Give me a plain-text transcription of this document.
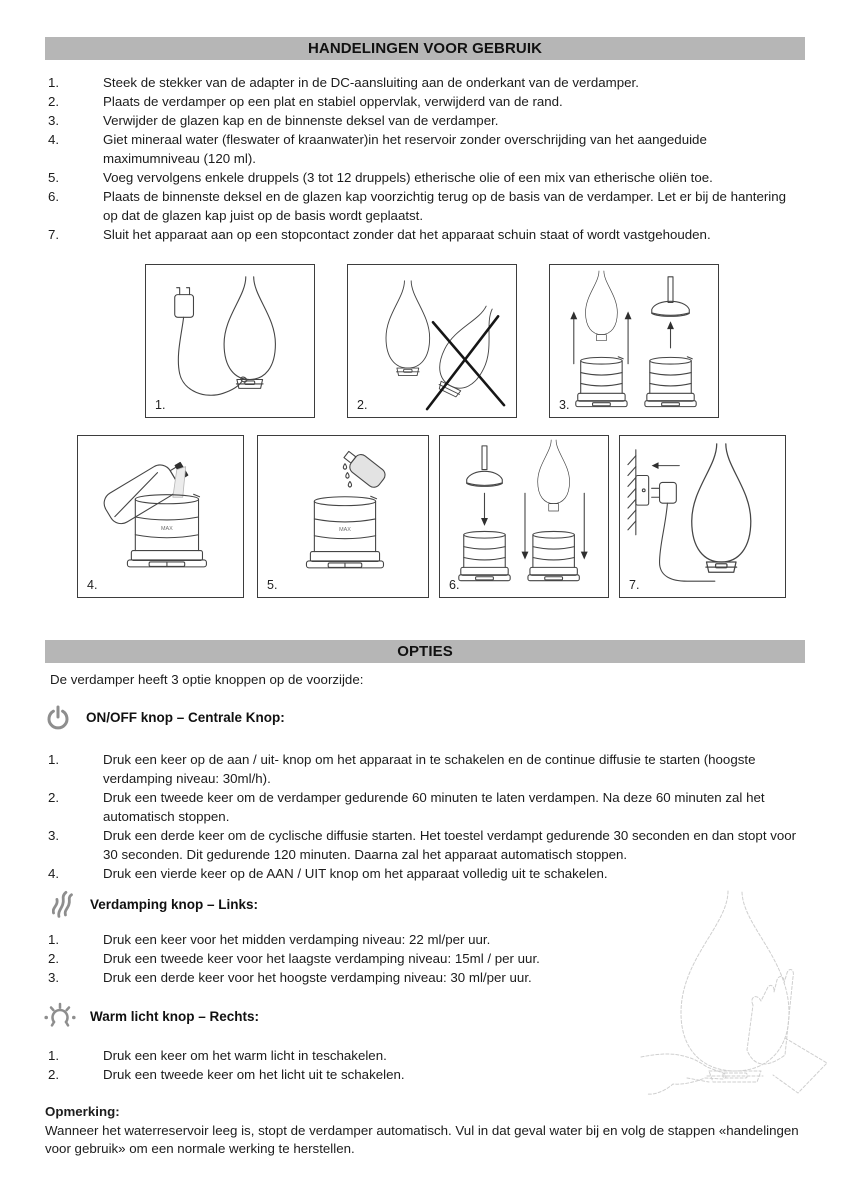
HANDELINGEN VOOR GEBRUIK
1.	Steek de stekker van de adapter in de DC-aansluiting aan de onderkant van de verdamper.
2.	Plaats de verdamper op een plat en stabiel oppervlak, verwijderd van de rand.
3.	Verwijder de glazen kap en de binnenste deksel van de verdamper.
4.	Giet mineraal water (fleswater of kraanwater)in het reservoir zonder overschrijding van het aangeduide maximumniveau (120 ml).
5.	Voeg vervolgens enkele druppels (3 tot 12 druppels) etherische olie of een mix van etherische oliën toe.
6.	Plaats de binnenste deksel en de glazen kap voorzichtig terug op de basis van de verdamper. Let er bij de hantering op dat de glazen kap juist op de basis wordt geplaatst.
7.	Sluit het apparaat aan op een stopcontact zonder dat het apparaat schuin staat of wordt vastgehouden.
1.	2.	3.
MAX
4.
MAX
5.	6.	7.
OPTIES
De verdamper heeft 3 optie knoppen op de voorzijde:
ON/OFF knop – Centrale Knop:
1.	Druk een keer op de aan / uit- knop om het apparaat in te schakelen en de continue diffusie te starten (hoogste verdamping niveau: 30ml/h).
2.	Druk een tweede keer om de verdamper gedurende 60 minuten te laten verdampen. Na deze 60 minuten zal het automatisch stoppen.
3.	Druk een derde keer om de cyclische diffusie starten. Het toestel verdampt gedurende 30 seconden en dan stopt voor 30 seconden. Dit gedurende 120 minuten. Daarna zal het apparaat automatisch stoppen.
4.	Druk een vierde keer op de AAN / UIT knop om het apparaat volledig uit te schakelen.
Verdamping knop – Links:
1.	Druk een keer voor het midden verdamping niveau: 22 ml/per uur.
2.	Druk een tweede keer voor het laagste verdamping niveau: 15ml / per uur.
3.	Druk een derde keer voor het hoogste verdamping niveau: 30 ml/per uur.
Warm licht knop – Rechts:
1.	Druk een keer om het warm licht in teschakelen.
2.	Druk een tweede keer om het licht uit te schakelen.
Opmerking:
Wanneer het waterreservoir leeg is, stopt de verdamper automatisch. Vul in dat geval water bij en volg de stappen «handelingen voor gebruik» om een normale werking te herstellen.
